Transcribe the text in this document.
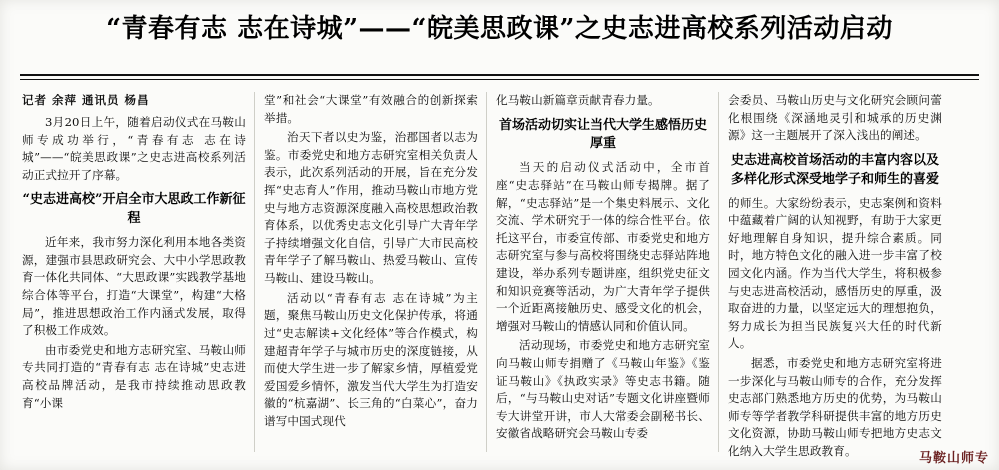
“青春有志 志在诗城”——“皖美思政课”之史志进高校系列活动启动
记者 余萍 通讯员 杨昌

3月20日上午，随着启动仪式在马鞍山师专成功举行，“青春有志 志在诗城”——“皖美思政课”之史志进高校系列活动正式拉开了序幕。

“史志进高校”开启全市大思政工作新征程

近年来，我市努力深化利用本地各类资源，建强市县思政研究会、大中小学思政教育一体化共同体、“大思政课”实践教学基地综合体等平台，打造“大课堂”，构建“大格局”，推进思想政治工作内涵式发展，取得了积极工作成效。

由市委党史和地方志研究室、马鞍山师专共同打造的“青春有志 志在诗城”史志进高校品牌活动，是我市持续推动思政教育“小课

堂”和社会“大课堂”有效融合的创新探索举措。

治天下者以史为鉴，治郡国者以志为鉴。市委党史和地方志研究室相关负责人表示，此次系列活动的开展，旨在充分发挥“史志育人”作用，推动马鞍山市地方党史与地方志资源深度融入高校思想政治教育体系，以优秀史志文化引导广大青年学子持续增强文化自信，引导广大市民高校青年学子了解马鞍山、热爱马鞍山、宣传马鞍山、建设马鞍山。

活动以“青春有志 志在诗城”为主题，聚焦马鞍山历史文化保护传承，将通过“史志解读+文化经体”等合作模式，构建超青年学子与城市历史的深度链接，从而使大学生进一步了解家乡情，厚植爱党爱国爱乡情怀，激发当代大学生为打造安徽的“杭嘉湖”、长三角的“白菜心”，奋力谱写中国式现代

化马鞍山新篇章贡献青春力量。

首场活动切实让当代大学生感悟历史厚重

当天的启动仪式活动中，全市首座“史志驿站”在马鞍山师专揭牌。据了解，“史志驿站”是一个集史料展示、文化交流、学术研究于一体的综合性平台。依托这平台，市委宣传部、市委党史和地方志研究室与参与高校将围绕史志驿站阵地建设，举办系列专题讲座，组织党史征文和知识竞赛等活动，为广大青年学子提供一个近距离接触历史、感受文化的机会，增强对马鞍山的情感认同和价值认同。

活动现场，市委党史和地方志研究室向马鞍山师专捐赠了《马鞍山年鉴》《鉴证马鞍山》《执政实录》等史志书籍。随后，“与马鞍山史对话”专题文化讲座暨师专大讲堂开讲，市人大常委会副秘书长、安徽省战略研究会马鞍山专委

会委员、马鞍山历史与文化研究会顾问蕾化根围绕《深涵地灵引和城承的历史渊源》这一主题展开了深入浅出的阐述。

史志进高校首场活动的丰富内容以及多样化形式深受地学子和师生的喜爱

的师生。大家纷纷表示，史志案例和资料中蕴藏着广阔的认知视野，有助于大家更好地理解自身知识，提升综合素质。同时，地方特色文化的融入进一步丰富了校园文化内涵。作为当代大学生，将积极参与史志进高校活动，感悟历史的厚重，汲取奋进的力量，以坚定远大的理想抱负，努力成长为担当民族复兴大任的时代新人。

据悉，市委党史和地方志研究室将进一步深化与马鞍山师专的合作，充分发挥史志部门熟悉地方历史的优势，为马鞍山师专等学者教学科研提供丰富的地方历史文化资源，协助马鞍山师专把地方史志文化纳入大学生思政教育。	马鞍山师专
